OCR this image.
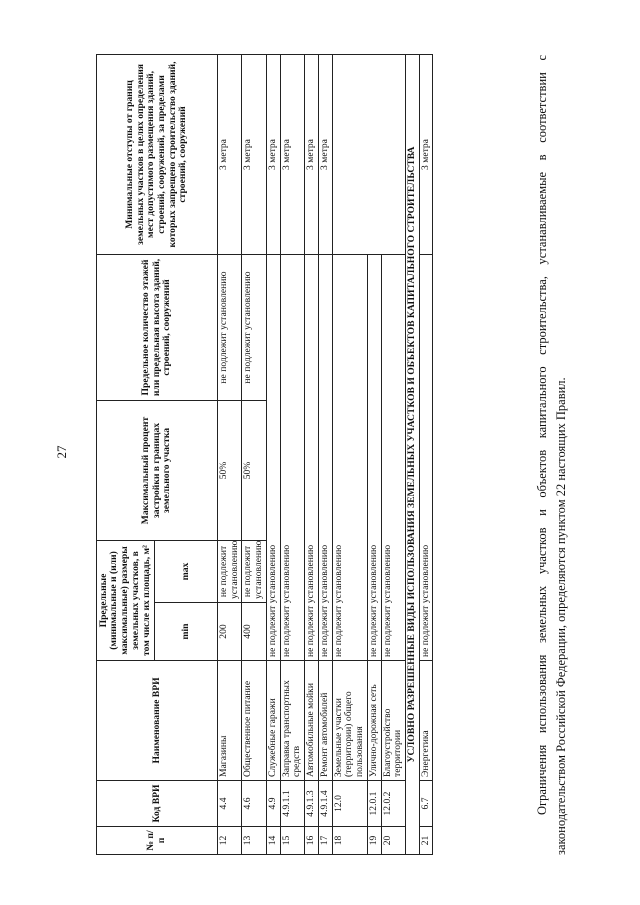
27
№ п/п	Код ВРИ	Наименование ВРИ	Предельные (минимальные и (или) максимальные) размеры земельных участков, в том числе их площадь, м²		Максимальный процент застройки в границах земельного участка	Предельное количество этажей или предельная высота зданий, строений, сооружений	Минимальные отступы от границ земельных участков в целях определения мест допустимого размещения зданий, строений, сооружений, за пределами которых запрещено строительство зданий, строений, сооружений
			min	max			
12	4.4	Магазины	200	не подлежит установлению	50%	не подлежит установлению	3 метра
13	4.6	Общественное питание	400	не подлежит установлению	50%	не подлежит установлению	3 метра
14	4.9	Служебные гаражи	не подлежит установлению				3 метра
15	4.9.1.1	Заправка транспортных средств	не подлежит установлению				3 метра
16	4.9.1.3	Автомобильные мойки	не подлежит установлению				3 метра
17	4.9.1.4	Ремонт автомобилей	не подлежит установлению				3 метра
18	12.0	Земельные участки (территории) общего пользования	не подлежит установлению				
19	12.0.1	Улично-дорожная сеть	не подлежит установлению				
20	12.0.2	Благоустройство территории	не подлежит установлению				
УСЛОВНО РАЗРЕШЕННЫЕ ВИДЫ ИСПОЛЬЗОВАНИЯ ЗЕМЕЛЬНЫХ УЧАСТКОВ И ОБЪЕКТОВ КАПИТАЛЬНОГО СТРОИТЕЛЬСТВА							
21	6.7	Энергетика	не подлежит установлению				3 метра	Ограничения использования земельных участков и объектов капитального строительства, устанавливаемые в соответствии с законодательством Российской Федерации, определяются пунктом 22 настоящих Правил.
